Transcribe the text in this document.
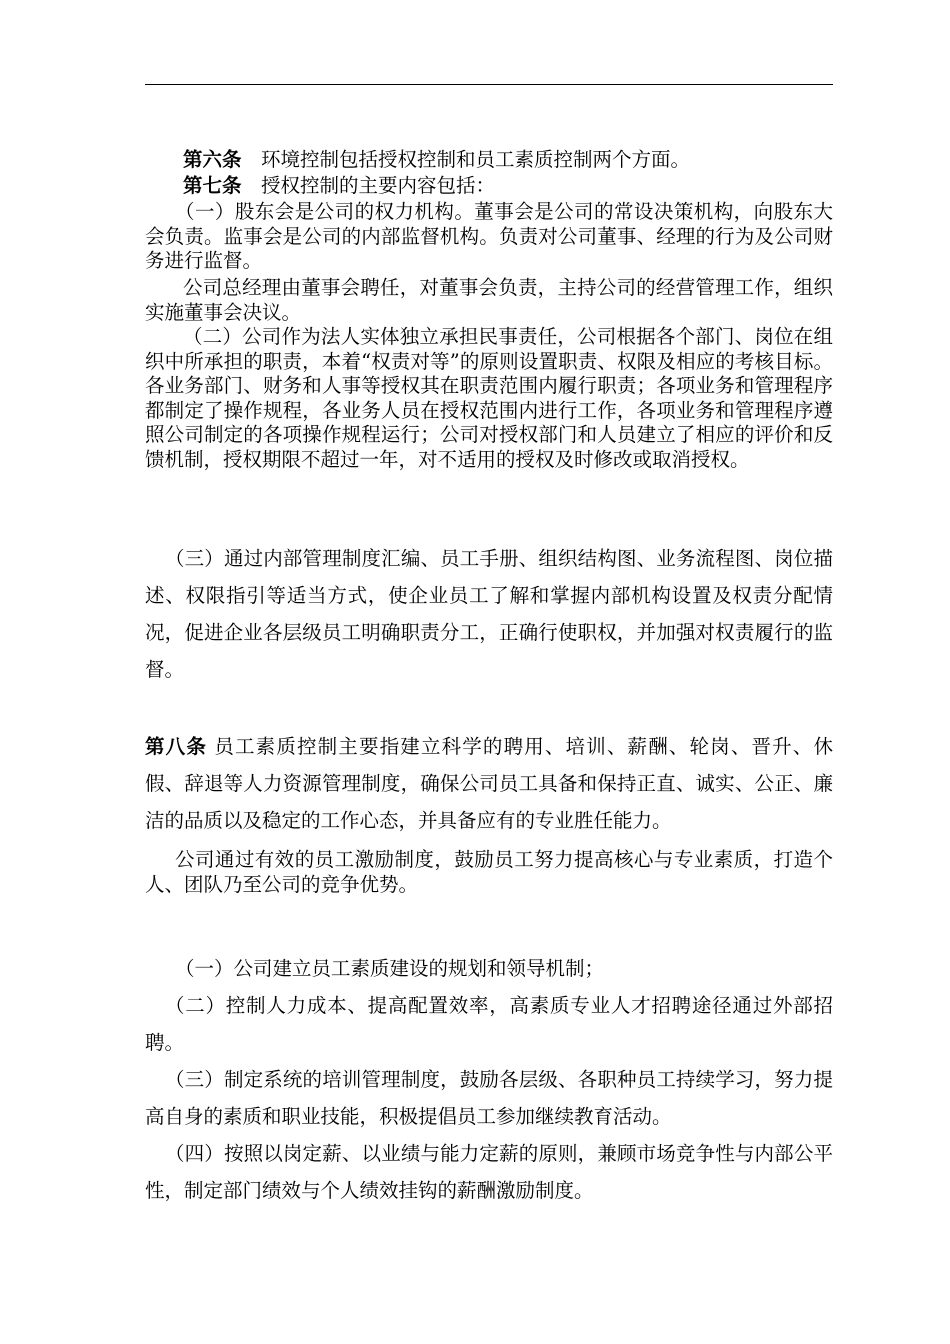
第六条  环境控制包括授权控制和员工素质控制两个方面。

第七条  授权控制的主要内容包括：

（一）股东会是公司的权力机构。董事会是公司的常设决策机构，向股东大会负责。监事会是公司的内部监督机构。负责对公司董事、经理的行为及公司财务进行监督。

公司总经理由董事会聘任，对董事会负责，主持公司的经营管理工作，组织实施董事会决议。

（二）公司作为法人实体独立承担民事责任，公司根据各个部门、岗位在组织中所承担的职责，本着“权责对等”的原则设置职责、权限及相应的考核目标。各业务部门、财务和人事等授权其在职责范围内履行职责；各项业务和管理程序都制定了操作规程，各业务人员在授权范围内进行工作，各项业务和管理程序遵照公司制定的各项操作规程运行；公司对授权部门和人员建立了相应的评价和反馈机制，授权期限不超过一年，对不适用的授权及时修改或取消授权。

（三）通过内部管理制度汇编、员工手册、组织结构图、业务流程图、岗位描述、权限指引等适当方式，使企业员工了解和掌握内部机构设置及权责分配情况，促进企业各层级员工明确职责分工，正确行使职权，并加强对权责履行的监督。

第八条 员工素质控制主要指建立科学的聘用、培训、薪酬、轮岗、晋升、休假、辞退等人力资源管理制度，确保公司员工具备和保持正直、诚实、公正、廉洁的品质以及稳定的工作心态，并具备应有的专业胜任能力。

公司通过有效的员工激励制度，鼓励员工努力提高核心与专业素质，打造个人、团队乃至公司的竞争优势。

（一）公司建立员工素质建设的规划和领导机制；

（二）控制人力成本、提高配置效率，高素质专业人才招聘途径通过外部招聘。

（三）制定系统的培训管理制度，鼓励各层级、各职种员工持续学习，努力提高自身的素质和职业技能，积极提倡员工参加继续教育活动。

（四）按照以岗定薪、以业绩与能力定薪的原则，兼顾市场竞争性与内部公平性，制定部门绩效与个人绩效挂钩的薪酬激励制度。
